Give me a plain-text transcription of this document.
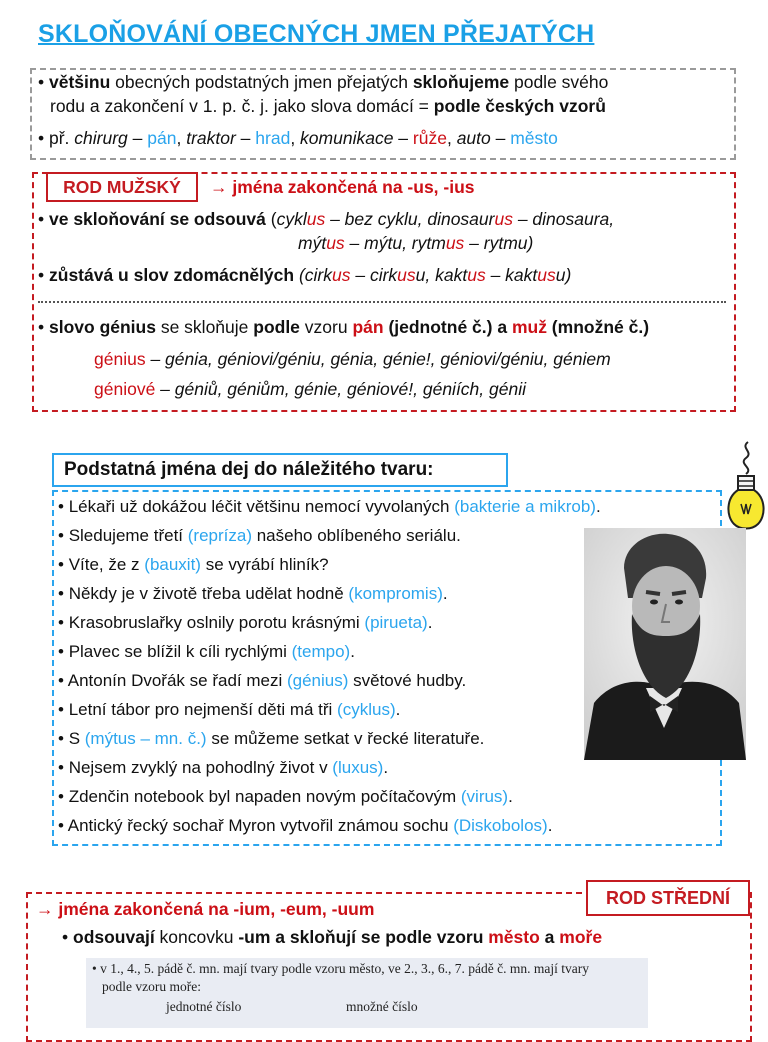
SKLOŇOVÁNÍ OBECNÝCH JMEN PŘEJATÝCH
• většinu obecných podstatných jmen přejatých skloňujeme podle svého
rodu a zakončení v 1. p. č. j. jako slova domácí = podle českých vzorů
• př. chirurg – pán, traktor – hrad, komunikace – růže, auto – město
ROD MUŽSKÝ	→ jména zakončená na -us, -ius
• ve skloňování se odsouvá (cyklus – bez cyklu, dinosaurus – dinosaura,
mýtus – mýtu, rytmus – rytmu)
• zůstává u slov zdomácnělých (cirkus – cirkusu, kaktus – kaktusu)
• slovo génius se skloňuje podle vzoru pán (jednotné č.) a muž (množné č.)
génius – génia, géniovi/géniu, génia, génie!, géniovi/géniu, géniem
géniové – géniů, géniům, génie, géniové!, géniích, génii
Podstatná jména dej do náležitého tvaru:
• Lékaři už dokážou léčit většinu nemocí vyvolaných (bakterie a mikrob).
• Sledujeme třetí (repríza) našeho oblíbeného seriálu.
• Víte, že z (bauxit) se vyrábí hliník?
• Někdy je v životě třeba udělat hodně (kompromis).
• Krasobruslařky oslnily porotu krásnými (pirueta).
• Plavec se blížil k cíli rychlými (tempo).
• Antonín Dvořák se řadí mezi (génius) světové hudby.
• Letní tábor pro nejmenší děti má tři (cyklus).
• S (mýtus – mn. č.) se můžeme setkat v řecké literatuře.
• Nejsem zvyklý na pohodlný život v (luxus).
• Zdenčin notebook byl napaden novým počítačovým (virus).
• Antický řecký sochař Myron vytvořil známou sochu (Diskobolos).
ROD STŘEDNÍ
→ jména zakončená na -ium, -eum, -uum
• odsouvají koncovku -um a skloňují se podle vzoru město a moře
• v 1., 4., 5. pádě č. mn. mají tvary podle vzoru město, ve 2., 3., 6., 7. pádě č. mn. mají tvary
podle vzoru moře:
jednotné číslo	množné číslo
